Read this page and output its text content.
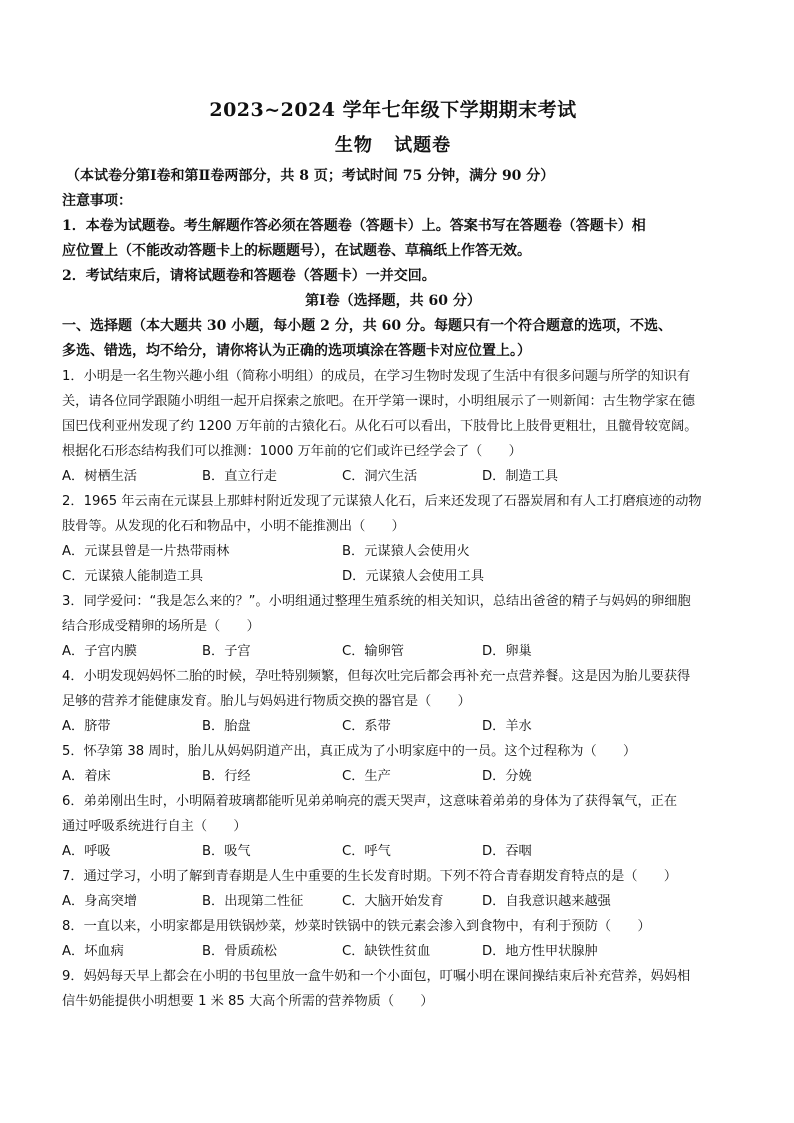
2023~2024 学年七年级下学期期末考试
生物 试题卷

（本试卷分第Ⅰ卷和第Ⅱ卷两部分，共 8 页；考试时间 75 分钟，满分 90 分）

注意事项：

1．本卷为试题卷。考生解题作答必须在答题卷（答题卡）上。答案书写在答题卷（答题卡）相

应位置上（不能改动答题卡上的标题题号），在试题卷、草稿纸上作答无效。

2．考试结束后，请将试题卷和答题卷（答题卡）一并交回。

第Ⅰ卷（选择题，共 60 分）

一、选择题（本大题共 30 小题，每小题 2 分，共 60 分。每题只有一个符合题意的选项，不选、

多选、错选，均不给分，请你将认为正确的选项填涂在答题卡对应位置上。）

1．小明是一名生物兴趣小组（简称小明组）的成员，在学习生物时发现了生活中有很多问题与所学的知识有

关，请各位同学跟随小明组一起开启探索之旅吧。在开学第一课时，小明组展示了一则新闻：古生物学家在德

国巴伐利亚州发现了约 1200 万年前的古猿化石。从化石可以看出，下肢骨比上肢骨更粗壮，且髋骨较宽阔。

根据化石形态结构我们可以推测：1000 万年前的它们或许已经学会了（　　）

A．树栖生活	B．直立行走	C．洞穴生活	D．制造工具

2．1965 年云南在元谋县上那蚌村附近发现了元谋猿人化石，后来还发现了石器炭屑和有人工打磨痕迹的动物

肢骨等。从发现的化石和物品中，小明不能推测出（　　）

A．元谋县曾是一片热带雨林	B．元谋猿人会使用火
C．元谋猿人能制造工具	D．元谋猿人会使用工具

3．同学爱问：“我是怎么来的？”。小明组通过整理生殖系统的相关知识，总结出爸爸的精子与妈妈的卵细胞

结合形成受精卵的场所是（　　）

A．子宫内膜	B．子宫	C．输卵管	D．卵巢

4．小明发现妈妈怀二胎的时候，孕吐特别频繁，但每次吐完后都会再补充一点营养餐。这是因为胎儿要获得

足够的营养才能健康发育。胎儿与妈妈进行物质交换的器官是（　　）

A．脐带	B．胎盘	C．系带	D．羊水

5．怀孕第 38 周时，胎儿从妈妈阴道产出，真正成为了小明家庭中的一员。这个过程称为（　　）

A．着床	B．行经	C．生产	D．分娩

6．弟弟刚出生时，小明隔着玻璃都能听见弟弟响亮的震天哭声，这意味着弟弟的身体为了获得氧气，正在

通过呼吸系统进行自主（　　）

A．呼吸	B．吸气	C．呼气	D．吞咽

7．通过学习，小明了解到青春期是人生中重要的生长发育时期。下列不符合青春期发育特点的是（　　）

A．身高突增	B．出现第二性征	C．大脑开始发育	D．自我意识越来越强

8．一直以来，小明家都是用铁锅炒菜，炒菜时铁锅中的铁元素会渗入到食物中，有利于预防（　　）

A．坏血病	B．骨质疏松	C．缺铁性贫血	D．地方性甲状腺肿

9．妈妈每天早上都会在小明的书包里放一盒牛奶和一个小面包，叮嘱小明在课间操结束后补充营养，妈妈相

信牛奶能提供小明想要 1 米 85 大高个所需的营养物质（　　）
